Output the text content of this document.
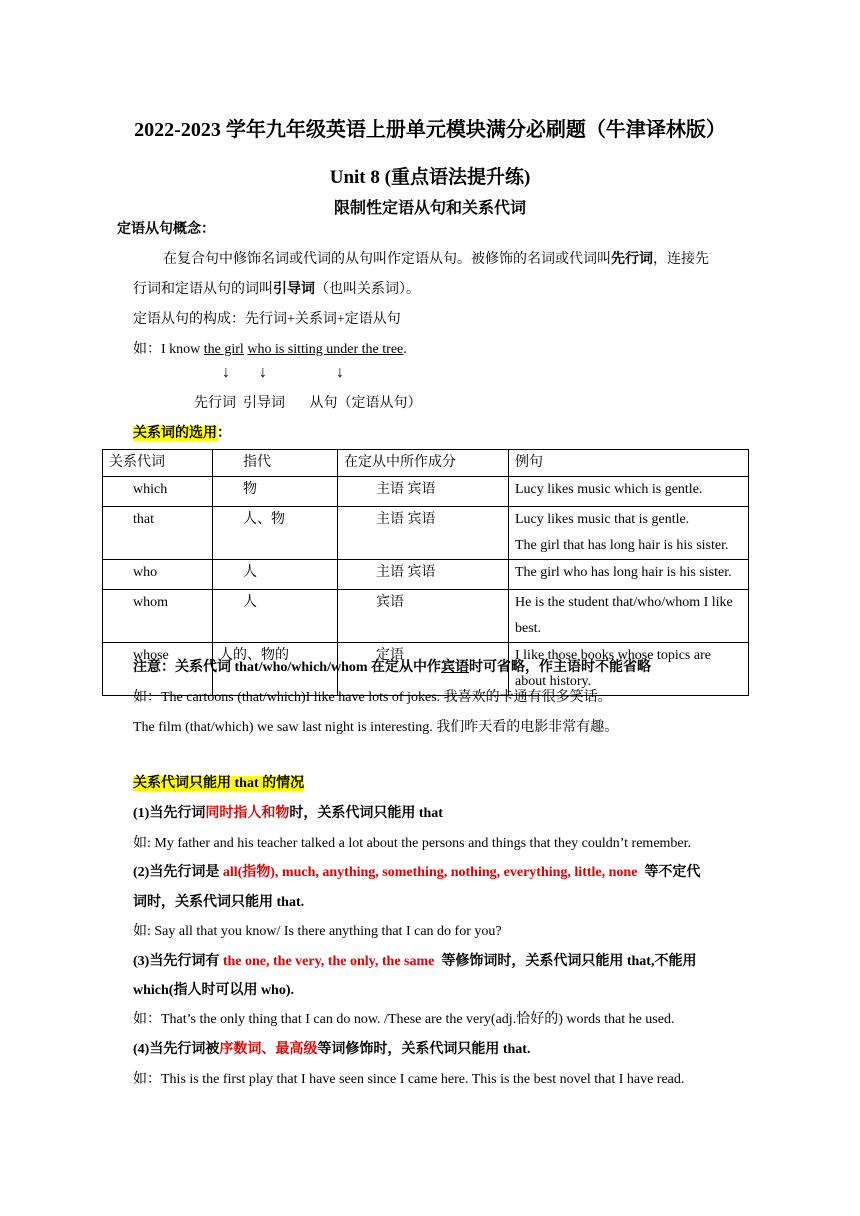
2022-2023 学年九年级英语上册单元模块满分必刷题（牛津译林版）
Unit 8 (重点语法提升练)
限制性定语从句和关系代词
定语从句概念：
在复合句中修饰名词或代词的从句叫作定语从句。被修饰的名词或代词叫先行词，连接先
行词和定语从句的词叫引导词（也叫关系词）。
定语从句的构成：先行词+关系词+定语从句
如：I know the girl who is sitting under the tree.
↓ ↓	↓
先行词  引导词       从句（定语从句）
关系词的选用：
关系代词	指代	在定从中所作成分	例句
which	物	主语 宾语	Lucy likes music which is gentle.
that	人、物	主语 宾语	Lucy likes music that is gentle.
The girl that has long hair is his sister.

who	人	主语 宾语	The girl who has long hair is his sister.
whom	人	宾语	He is the student that/who/whom I like best.
whose	人的、物的	定语	I like those books whose topics are about history.
注意：关系代词 that/who/which/whom 在定从中作宾语时可省略，作主语时不能省略
如：The cartoons (that/which)I like have lots of jokes. 我喜欢的卡通有很多笑话。
The film (that/which) we saw last night is interesting. 我们昨天看的电影非常有趣。
关系代词只能用 that 的情况
(1)当先行词同时指人和物时，关系代词只能用 that
如: My father and his teacher talked a lot about the persons and things that they couldn’t remember.
(2)当先行词是 all(指物), much, anything, something, nothing, everything, little, none  等不定代
词时，关系代词只能用 that.
如: Say all that you know/ Is there anything that I can do for you?
(3)当先行词有 the one, the very, the only, the same  等修饰词时，关系代词只能用 that,不能用
which(指人时可以用 who).
如：That’s the only thing that I can do now. /These are the very(adj.恰好的) words that he used.
(4)当先行词被序数词、最高级等词修饰时，关系代词只能用 that.
如：This is the first play that I have seen since I came here. This is the best novel that I have read.
